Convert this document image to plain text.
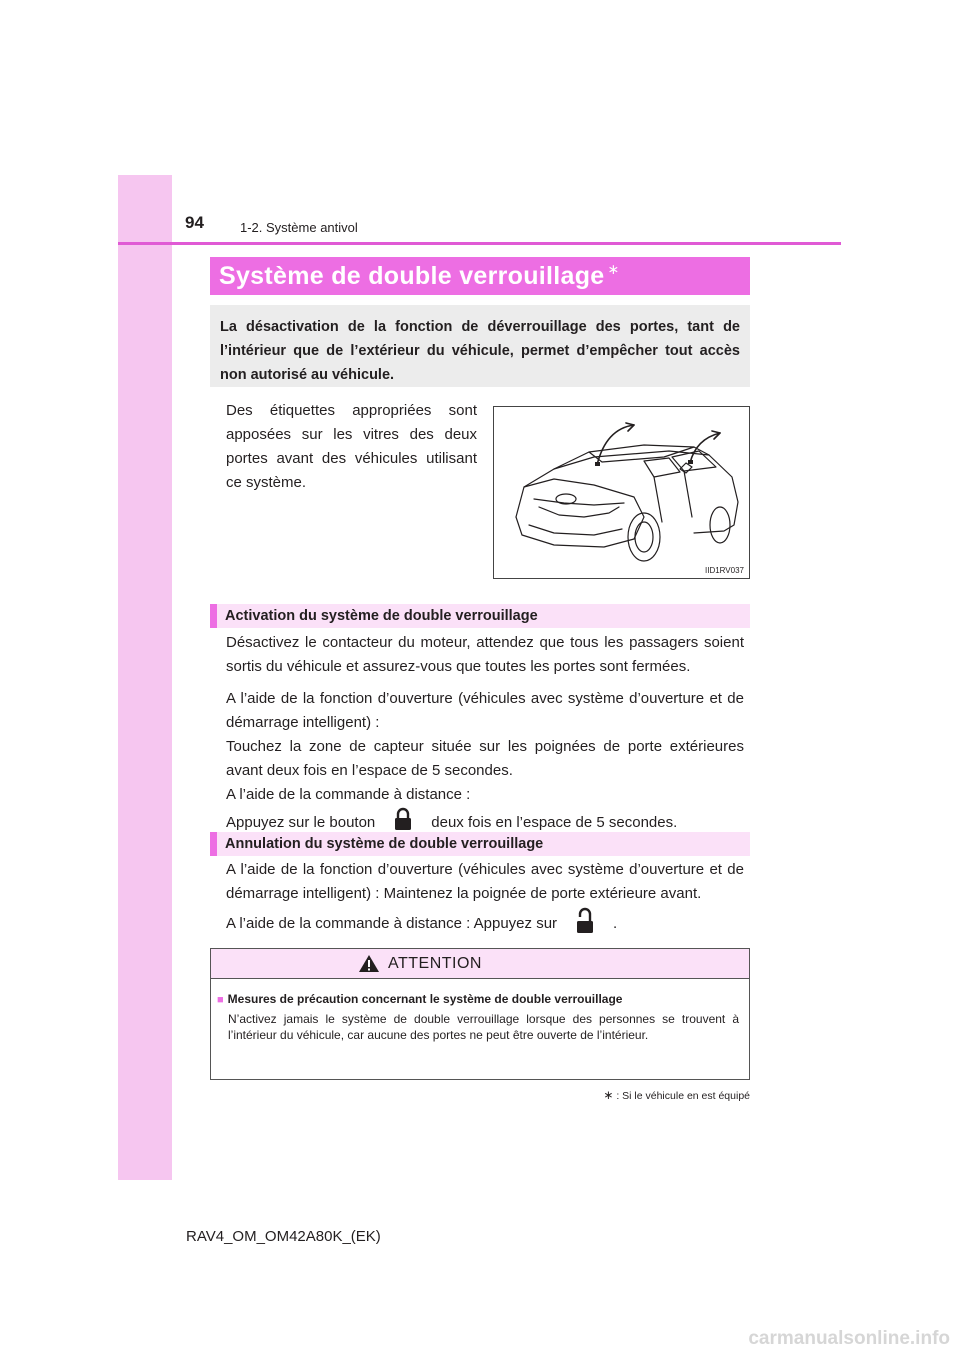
94	1-2. Système antivol
Système de double verrouillage ∗
La désactivation de la fonction de déverrouillage des portes, tant de l’intérieur que de l’extérieur du véhicule, permet d’empêcher tout accès non autorisé au véhicule.
Des étiquettes appropriées sont apposées sur les vitres des deux portes avant des véhicules utilisant ce système.
IID1RV037
Activation du système de double verrouillage

Désactivez le contacteur du moteur, attendez que tous les passagers soient sortis du véhicule et assurez-vous que toutes les portes sont fermées.

A l’aide de la fonction d’ouverture (véhicules avec système d’ouverture et de démarrage intelligent) :

Touchez la zone de capteur située sur les poignées de porte extérieures avant deux fois en l’espace de 5 secondes.

A l’aide de la commande à distance :

Appuyez sur le bouton	deux fois en l’espace de 5 secondes.

Annulation du système de double verrouillage

A l’aide de la fonction d’ouverture (véhicules avec système d’ouverture et de démarrage intelligent) : Maintenez la poignée de porte extérieure avant.

A l’aide de la commande à distance : Appuyez sur	.

ATTENTION
■ Mesures de précaution concernant le système de double verrouillage
N’activez jamais le système de double verrouillage lorsque des personnes se trouvent à l’intérieur du véhicule, car aucune des portes ne peut être ouverte de l’intérieur.
∗ : Si le véhicule en est équipé
RAV4_OM_OM42A80K_(EK)
carmanualsonline.info
